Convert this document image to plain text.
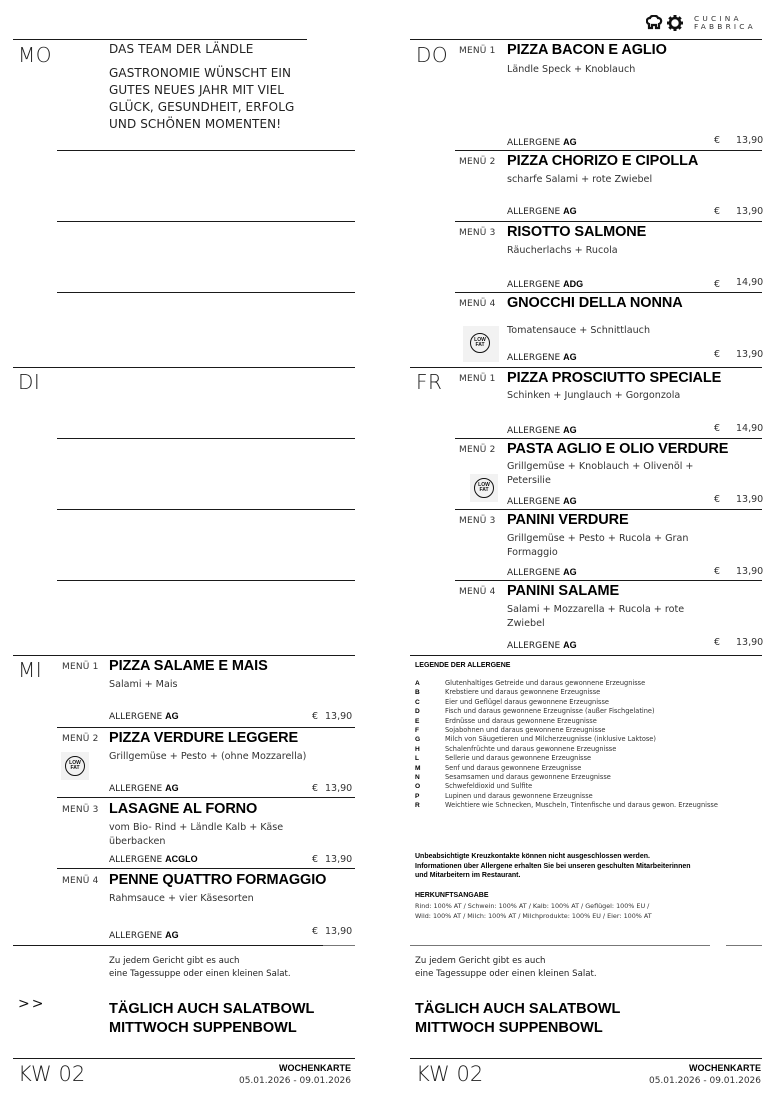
CUCINA
FABBRICA
MO	DAS TEAM DER LÄNDLE
GASTRONOMIE WÜNSCHT EIN
GUTES NEUES JAHR MIT VIEL
GLÜCK, GESUNDHEIT, ERFOLG
UND SCHÖNEN MOMENTEN!
DI
MI MENÜ 1 PIZZA SALAME E MAIS
Salami + Mais
ALLERGENE AG	€ 13,90
MENÜ 2 PIZZA VERDURE LEGGERE
Grillgemüse + Pesto + (ohne Mozzarella)
LOW
FAT
ALLERGENE AG	€ 13,90
MENÜ 3 LASAGNE AL FORNO
vom Bio- Rind + Ländle Kalb + Käse überbacken
ALLERGENE ACGLO	€ 13,90
MENÜ 4 PENNE QUATTRO FORMAGGIO
Rahmsauce + vier Käsesorten
ALLERGENE AG	€ 13,90
Zu jedem Gericht gibt es auch
eine Tagessuppe oder einen kleinen Salat.
>>	TÄGLICH AUCH SALATBOWL
MITTWOCH SUPPENBOWL
KW 02	WOCHENKARTE
05.01.2026 - 09.01.2026
DO MENÜ 1 PIZZA BACON E AGLIO
Ländle Speck + Knoblauch
ALLERGENE AG	€ 13,90
MENÜ 2 PIZZA CHORIZO E CIPOLLA
scharfe Salami + rote Zwiebel
ALLERGENE AG	€ 13,90
MENÜ 3 RISOTTO SALMONE
Räucherlachs + Rucola
ALLERGENE ADG	€ 14,90
MENÜ 4 GNOCCHI DELLA NONNA
LOW
FAT
Tomatensauce + Schnittlauch
ALLERGENE AG	€ 13,90
FR MENÜ 1 PIZZA PROSCIUTTO SPECIALE
Schinken + Junglauch + Gorgonzola
ALLERGENE AG	€ 14,90
MENÜ 2 PASTA AGLIO E OLIO VERDURE
Grillgemüse + Knoblauch + Olivenöl + Petersilie
LOW
FAT
ALLERGENE AG	€ 13,90
MENÜ 3 PANINI VERDURE
Grillgemüse + Pesto + Rucola + Gran Formaggio
ALLERGENE AG	€ 13,90
MENÜ 4 PANINI SALAME
Salami + Mozzarella + Rucola + rote Zwiebel
ALLERGENE AG	€ 13,90
LEGENDE DER ALLERGENE
A	Glutenhaltiges Getreide und daraus gewonnene Erzeugnisse
B	Krebstiere und daraus gewonnene Erzeugnisse
C	Eier und Geflügel daraus gewonnene Erzeugnisse
D	Fisch und daraus gewonnene Erzeugnisse (außer Fischgelatine)
E	Erdnüsse und daraus gewonnene Erzeugnisse
F	Sojabohnen und daraus gewonnene Erzeugnisse
G	Milch von Säugetieren und Milcherzeugnisse (inklusive Laktose)
H	Schalenfrüchte und daraus gewonnene Erzeugnisse
L	Sellerie und daraus gewonnene Erzeugnisse
M	Senf und daraus gewonnene Erzeugnisse
N	Sesamsamen und daraus gewonnene Erzeugnisse
O	Schwefeldioxid und Sulfite
P	Lupinen und daraus gewonnene Erzeugnisse
R	Weichtiere wie Schnecken, Muscheln, Tintenfische und daraus gewon. Erzeugnisse
Unbeabsichtigte Kreuzkontakte können nicht ausgeschlossen werden.
Informationen über Allergene erhalten Sie bei unseren geschulten Mitarbeiterinnen
und Mitarbeitern im Restaurant.
HERKUNFTSANGABE
Rind: 100% AT / Schwein: 100% AT / Kalb: 100% AT / Geflügel: 100% EU /
Wild: 100% AT / Milch: 100% AT / Milchprodukte: 100% EU / Eier: 100% AT
Zu jedem Gericht gibt es auch
eine Tagessuppe oder einen kleinen Salat.
TÄGLICH AUCH SALATBOWL
MITTWOCH SUPPENBOWL
KW 02	WOCHENKARTE
05.01.2026 - 09.01.2026
